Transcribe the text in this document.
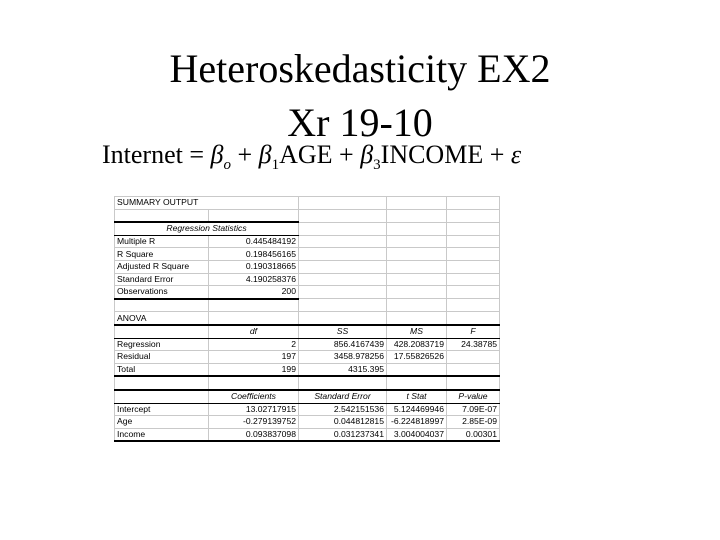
Heteroskedasticity EX2
Xr 19-10
Internet = $\beta_o + \beta_1AGE$ + $\beta_3INCOME + \varepsilon$
SUMMARY OUTPUT				

Regression Statistics				
Multiple R	0.445484192			
R Square	0.198456165			
Adjusted R Square	0.190318665			
Standard Error	4.190258376			
Observations	200			

ANOVA				
	df	SS	MS	F
Regression	2	856.4167439	428.2083719	24.38785
Residual	197	3458.978256	17.55826526	
Total	199	4315.395		

	Coefficients	Standard Error	t Stat	P-value
Intercept	13.02717915	2.542151536	5.124469946	7.09E-07
Age	-0.279139752	0.044812815	-6.224818997	2.85E-09
Income	0.093837098	0.031237341	3.004004037	0.00301
